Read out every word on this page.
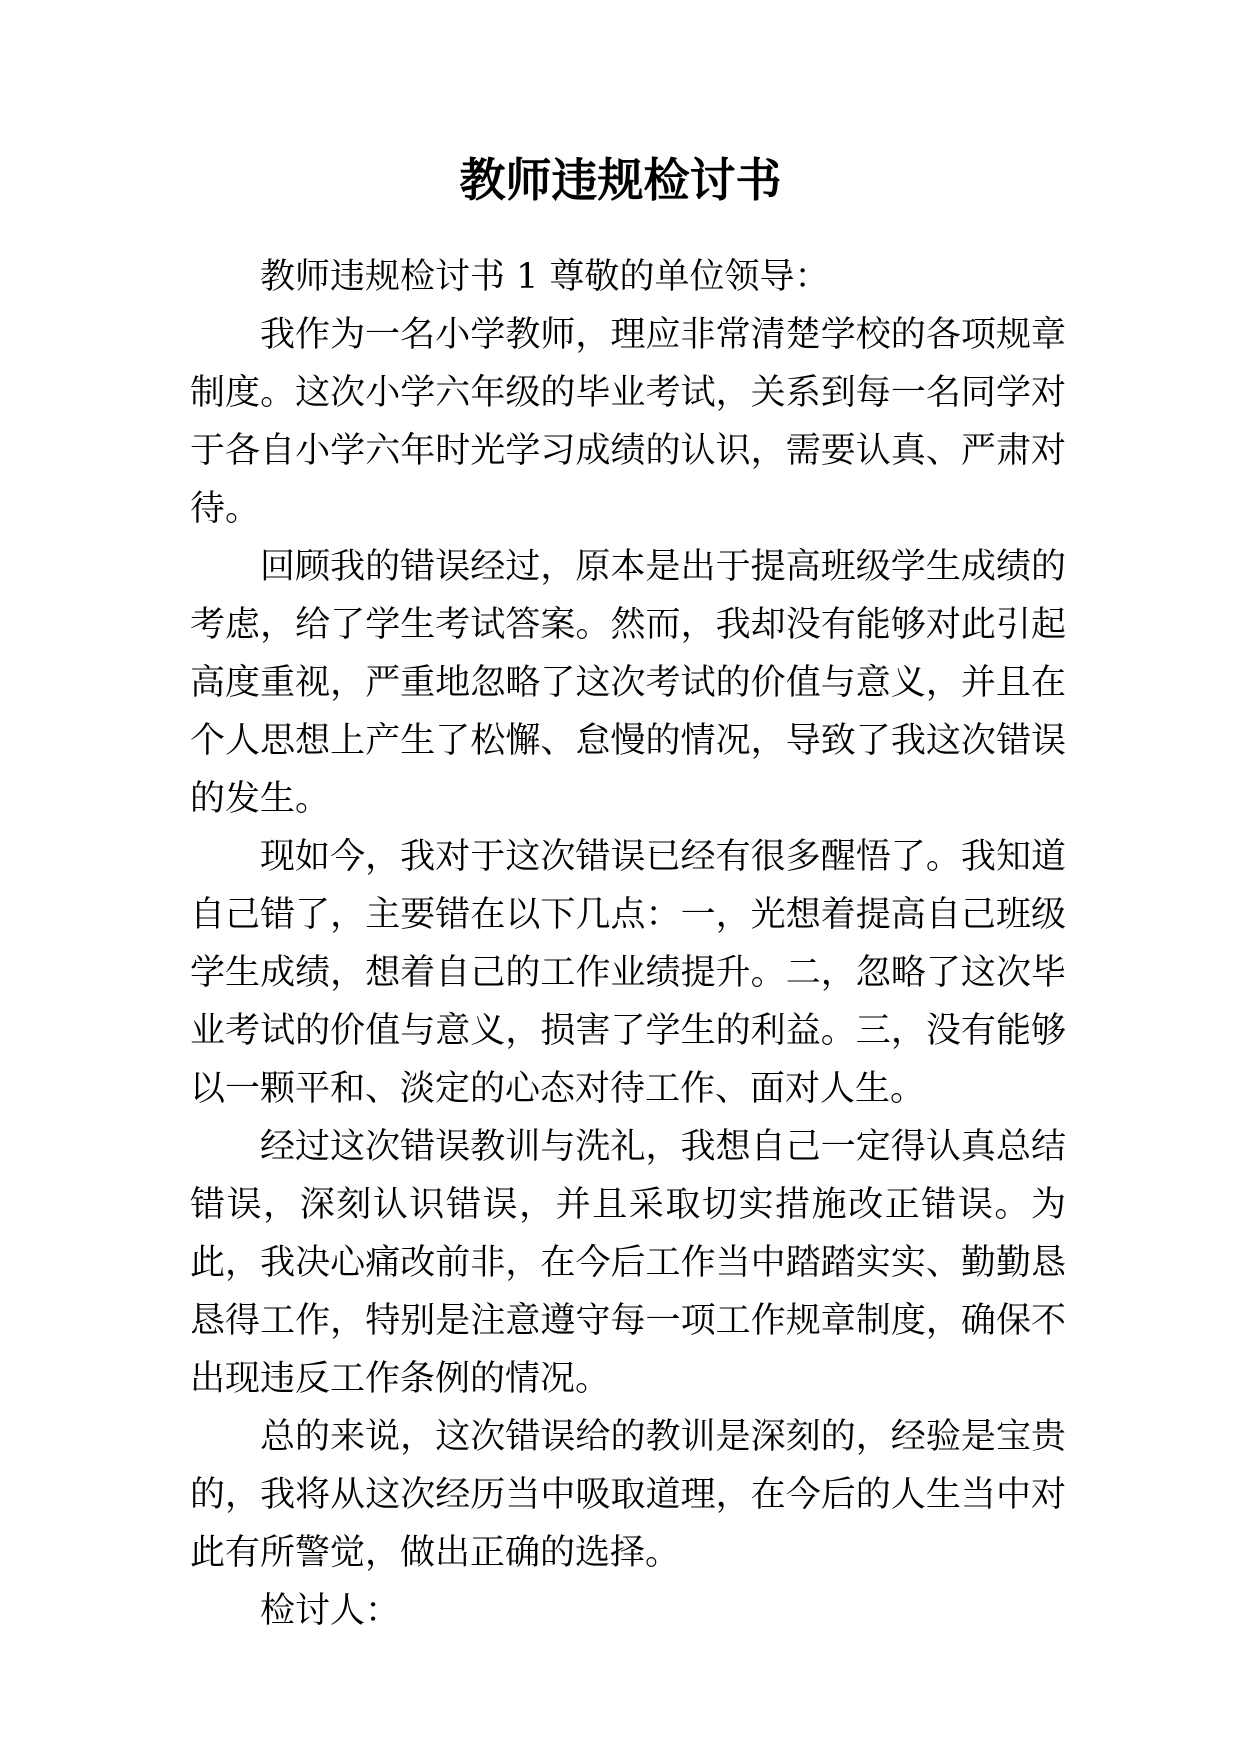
教师违规检讨书

教师违规检讨书 1 尊敬的单位领导：

我作为一名小学教师，理应非常清楚学校的各项规章制度。这次小学六年级的毕业考试，关系到每一名同学对于各自小学六年时光学习成绩的认识，需要认真、严肃对待。

回顾我的错误经过，原本是出于提高班级学生成绩的考虑，给了学生考试答案。然而，我却没有能够对此引起高度重视，严重地忽略了这次考试的价值与意义，并且在个人思想上产生了松懈、怠慢的情况，导致了我这次错误的发生。

现如今，我对于这次错误已经有很多醒悟了。我知道自己错了，主要错在以下几点：一，光想着提高自己班级学生成绩，想着自己的工作业绩提升。二，忽略了这次毕业考试的价值与意义，损害了学生的利益。三，没有能够以一颗平和、淡定的心态对待工作、面对人生。

经过这次错误教训与洗礼，我想自己一定得认真总结错误，深刻认识错误，并且采取切实措施改正错误。为此，我决心痛改前非，在今后工作当中踏踏实实、勤勤恳恳得工作，特别是注意遵守每一项工作规章制度，确保不出现违反工作条例的情况。

总的来说，这次错误给的教训是深刻的，经验是宝贵的，我将从这次经历当中吸取道理，在今后的人生当中对此有所警觉，做出正确的选择。

检讨人：
